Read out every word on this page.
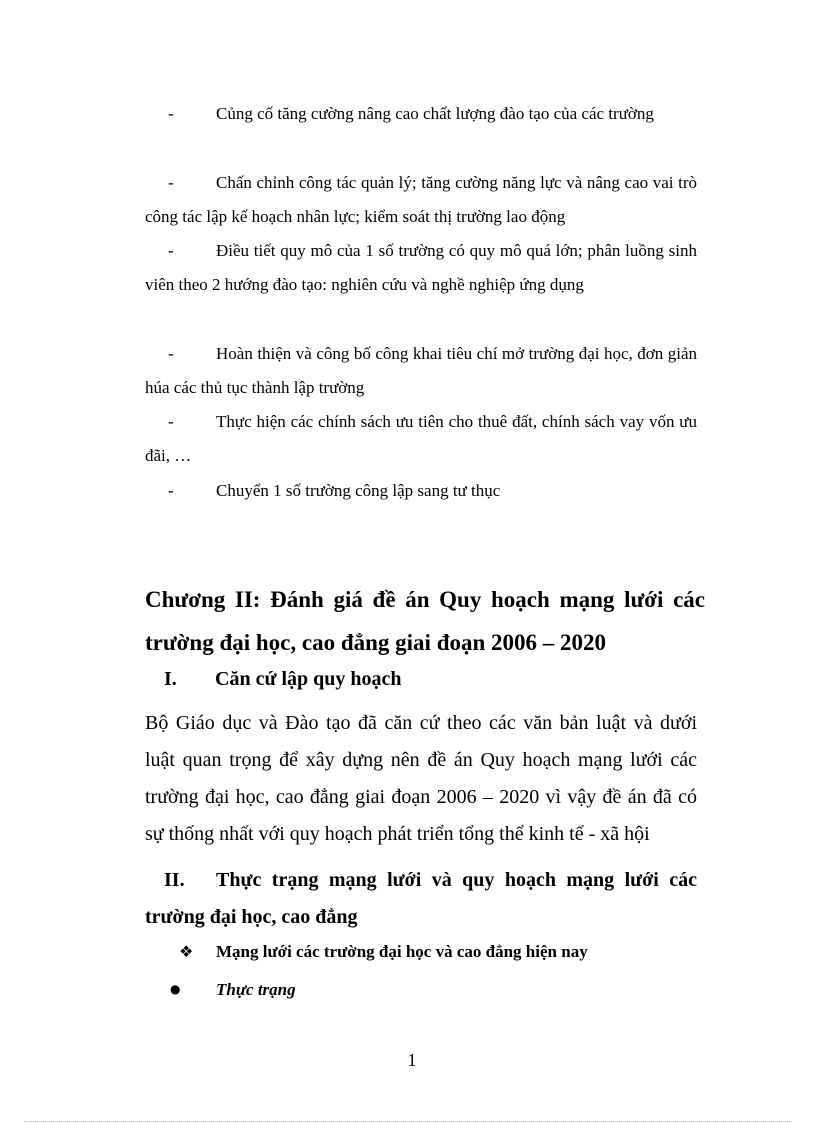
-	Củng cố tăng cường nâng cao chất lượng đào tạo của các trường
-	Chấn chỉnh công tác quản lý; tăng cường năng lực và nâng cao vai trò công tác lập kế hoạch nhân lực; kiểm soát thị trường lao động
-	Điều tiết quy mô của 1 số trường có quy mô quá lớn; phân luồng sinh viên theo 2 hướng đào tạo: nghiên cứu và nghề nghiệp ứng dụng
-	Hoàn thiện và công bố công khai tiêu chí mở trường đại học, đơn giản húa các thủ tục thành lập trường
-	Thực hiện các chính sách ưu tiên cho thuê đất, chính sách vay vốn ưu đãi, …
-	Chuyển 1 số trường công lập sang tư thục
Chương II: Đánh giá đề án Quy hoạch mạng lưới các
trường đại học, cao đẳng giai đoạn 2006 – 2020
I. Căn cứ lập quy hoạch
Bộ Giáo dục và Đào tạo đã căn cứ theo các văn bản luật và dưới
luật quan trọng để xây dựng nên đề án Quy hoạch mạng lưới các
trường đại học, cao đẳng giai đoạn 2006 – 2020 vì vậy đề án đã có
sự thống nhất với quy hoạch phát triển tổng thể kinh tế - xã hội
II. Thực trạng mạng lưới và quy hoạch mạng lưới các
trường đại học, cao đẳng
❖ Mạng lưới các trường đại học và cao đẳng hiện nay
● Thực trạng
1
